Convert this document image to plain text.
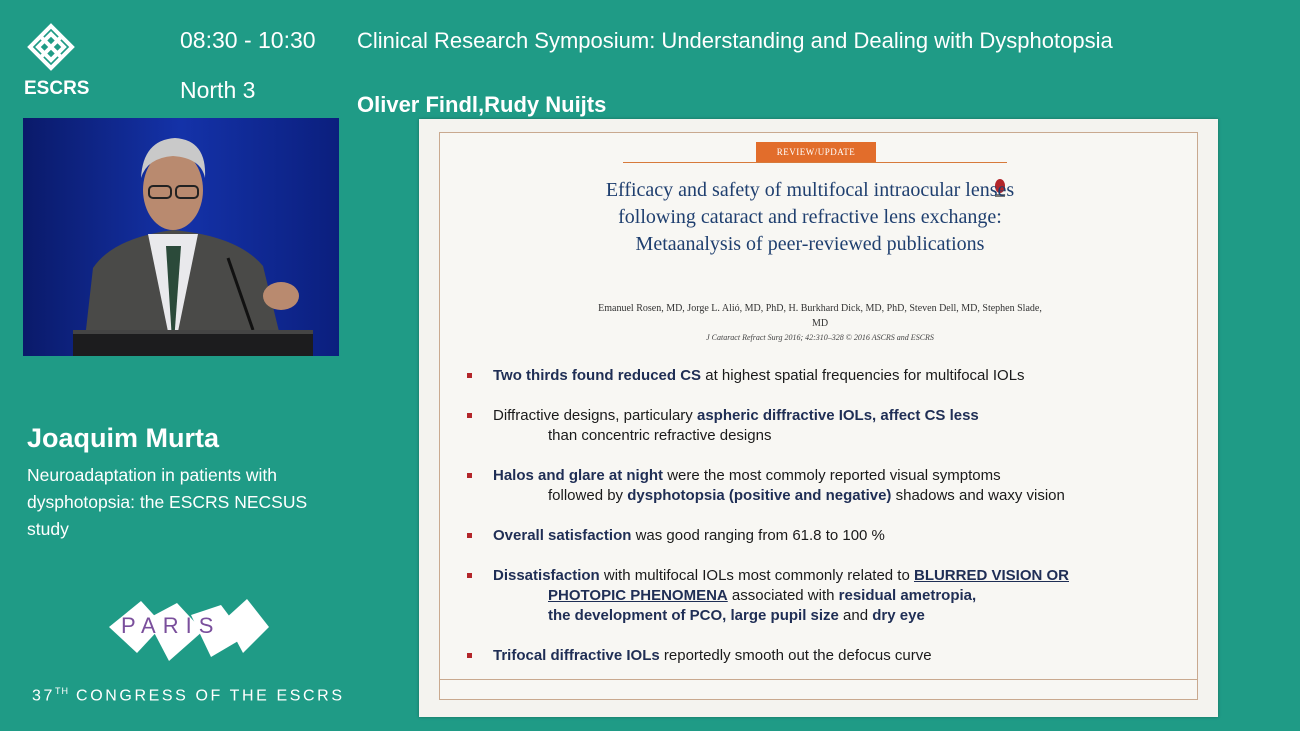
ESCRS
08:30 - 10:30
North 3
Clinical Research Symposium: Understanding and Dealing with Dysphotopsia
Oliver Findl,Rudy Nuijts
Joaquim Murta
Neuroadaptation in patients with dysphotopsia: the ESCRS NECSUS study
PARIS
37TH CONGRESS OF THE ESCRS
REVIEW/UPDATE
Efficacy and safety of multifocal intraocular lenses following cataract and refractive lens exchange: Metaanalysis of peer-reviewed publications
Emanuel Rosen, MD, Jorge L. Alió, MD, PhD, H. Burkhard Dick, MD, PhD, Steven Dell, MD, Stephen Slade, MD
J Cataract Refract Surg 2016; 42:310–328 © 2016 ASCRS and ESCRS
Two thirds found reduced CS at highest spatial frequencies for multifocal IOLs
Diffractive designs, particulary aspheric diffractive IOLs, affect CS less
than concentric refractive designs
Halos and glare at night were the most commoly reported visual symptoms
followed by dysphotopsia (positive and negative) shadows and waxy vision
Overall satisfaction was good ranging from 61.8 to 100 %
Dissatisfaction with multifocal IOLs most commonly related to BLURRED VISION OR
PHOTOPIC PHENOMENA associated with residual ametropia,
the development of PCO, large pupil size and dry eye
Trifocal diffractive IOLs reportedly smooth out the defocus curve
